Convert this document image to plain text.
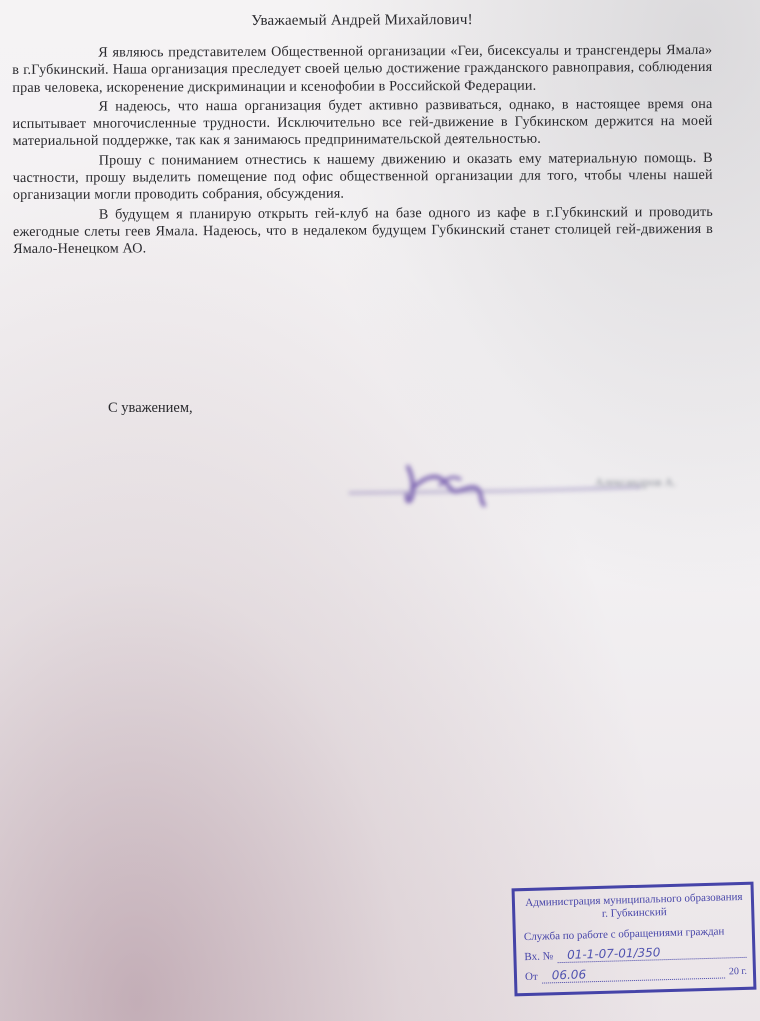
Уважаемый Андрей Михайлович!

Я являюсь представителем Общественной организации «Геи, бисексуалы и трансгендеры Ямала» в г.Губкинский. Наша организация преследует своей целью достижение гражданского равноправия, соблюдения прав человека, искоренение дискриминации и ксенофобии в Российской Федерации.

Я надеюсь, что наша организация будет активно развиваться, однако, в настоящее время она испытывает многочисленные трудности. Исключительно все гей-движение в Губкинском держится на моей материальной поддержке, так как я занимаюсь предпринимательской деятельностью.

Прошу с пониманием отнестись к нашему движению и оказать ему материальную помощь. В частности, прошу выделить помещение под офис общественной организации для того, чтобы члены нашей организации могли проводить собрания, обсуждения.

В будущем я планирую открыть гей-клуб на базе одного из кафе в г.Губкинский и проводить ежегодные слеты геев Ямала. Надеюсь, что в недалеком будущем Губкинский станет столицей гей-движения в Ямало-Ненецком АО.

С уважением,
Александров А.
Администрация муниципального образования
г. Губкинский
Служба по работе с обращениями граждан
Вх. №	01-1-07-01/350
От	06.06	20 г.
